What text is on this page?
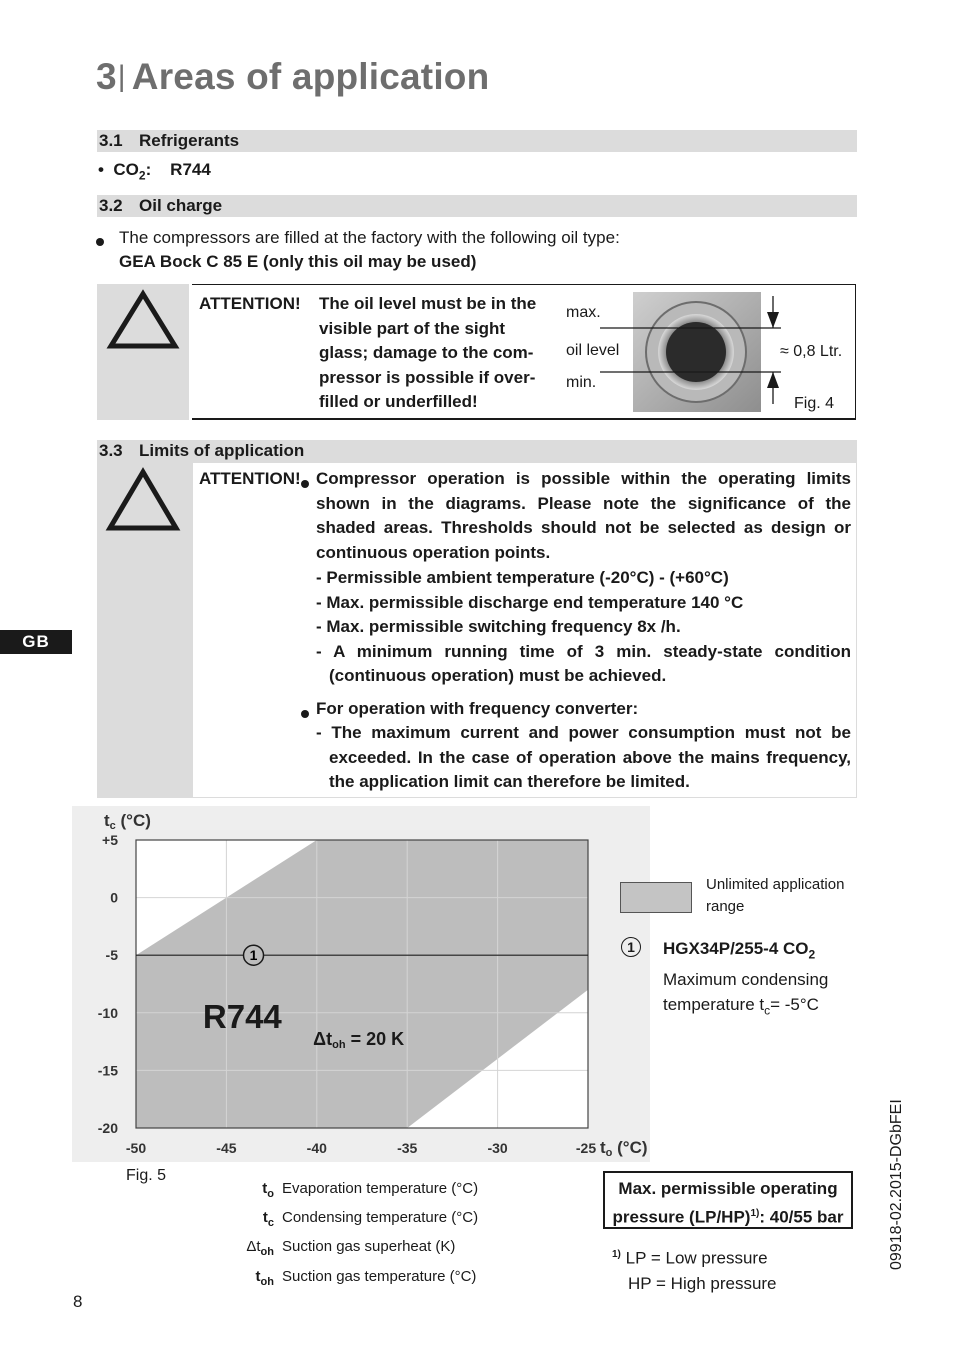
3| Areas of application
3.1 Refrigerants
• $CO_2$: R744
3.2 Oil charge
The compressors are filled at the factory with the following oil type:
GEA Bock C 85 E (only this oil may be used)
ATTENTION! The oil level must be in the
visible part of the sight
glass; damage to the com-
pressor is possible if over-
filled or underfilled!
max.
oil level
min.
≈ 0,8 Ltr.
Fig. 4
3.3 Limits of application
ATTENTION! Compressor operation is possible within the operating limits shown in the diagrams. Please note the significance of the shaded areas. Thresholds should not be selected as design or continuous operation points.
- Permissible ambient temperature (-20°C) - (+60°C)
- Max. permissible discharge end temperature 140 °C
- Max. permissible switching frequency 8x /h.
- A minimum running time of 3 min. steady-state condition (continuous operation) must be achieved.
For operation with frequency converter:
- The maximum current and power consumption must not be exceeded. In the case of operation above the mains frequency, the application limit can therefore be limited.
GB
1
+5
0
-5
-10
-15
-20
-50	-45	-40	-35	-30	-25
tc (°C)
to (°C)
R744
Δtoh = 20 K
Unlimited application range
1	HGX34P/255-4 $CO_2$
Maximum condensing
temperature $t_c= -5^\circ C$
Fig. 5
$t_o$ Evaporation temperature (°C)
$t_c$ Condensing temperature (°C)
$\Delta t_{oh}$ Suction gas superheat (K)
$t_{oh}$ Suction gas temperature (°C)
Max. permissible operating
pressure $(LP/HP)^{1)}$: 40/55 bar
$^{1)}$ LP = Low pressure
HP = High pressure
8
09918-02.2015-DGbFEI
